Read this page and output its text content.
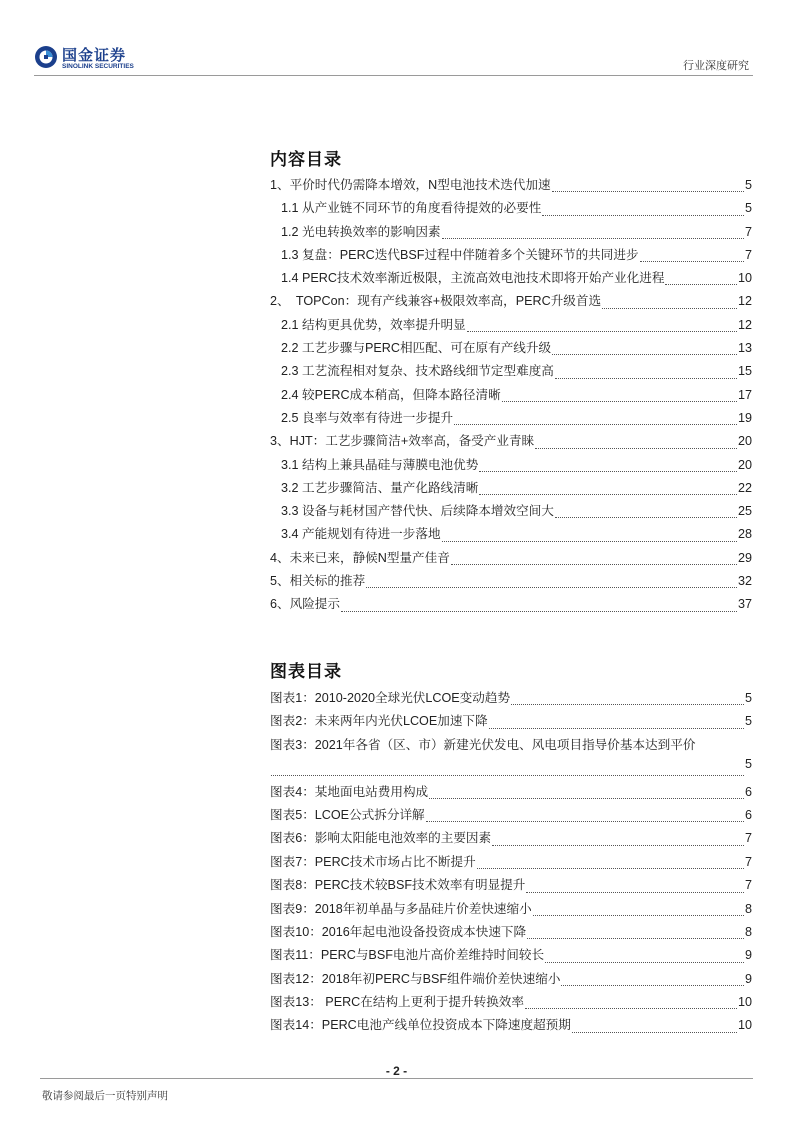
国金证券
SINOLINK SECURITIES	行业深度研究
内容目录
1、平价时代仍需降本增效，N型电池技术迭代加速	5
1.1 从产业链不同环节的角度看待提效的必要性	5
1.2 光电转换效率的影响因素	7
1.3 复盘：PERC迭代BSF过程中伴随着多个关键环节的共同进步	7
1.4 PERC技术效率渐近极限，主流高效电池技术即将开始产业化进程	10
2、　TOPCon：现有产线兼容+极限效率高，PERC升级首选	12
2.1 结构更具优势，效率提升明显	12
2.2 工艺步骤与PERC相匹配、可在原有产线升级	13
2.3 工艺流程相对复杂、技术路线细节定型难度高	15
2.4 较PERC成本稍高，但降本路径清晰	17
2.5 良率与效率有待进一步提升	19
3、HJT：工艺步骤简洁+效率高，备受产业青睐	20
3.1 结构上兼具晶硅与薄膜电池优势	20
3.2 工艺步骤简洁、量产化路线清晰	22
3.3 设备与耗材国产替代快、后续降本增效空间大	25
3.4 产能规划有待进一步落地	28
4、未来已来，静候N型量产佳音	29
5、相关标的推荐	32
6、风险提示	37
图表目录
图表1：2010-2020全球光伏LCOE变动趋势	5
图表2：未来两年内光伏LCOE加速下降	5
图表3：2021年各省（区、市）新建光伏发电、风电项目指导价基本达到平价
5
图表4：某地面电站费用构成	6
图表5：LCOE公式拆分详解	6
图表6：影响太阳能电池效率的主要因素	7
图表7：PERC技术市场占比不断提升	7
图表8：PERC技术较BSF技术效率有明显提升	7
图表9：2018年初单晶与多晶硅片价差快速缩小	8
图表10：2016年起电池设备投资成本快速下降	8
图表11：PERC与BSF电池片高价差维持时间较长	9
图表12：2018年初PERC与BSF组件端价差快速缩小	9
图表13： PERC在结构上更利于提升转换效率	10
图表14：PERC电池产线单位投资成本下降速度超预期	10
- 2 -
敬请参阅最后一页特别声明
